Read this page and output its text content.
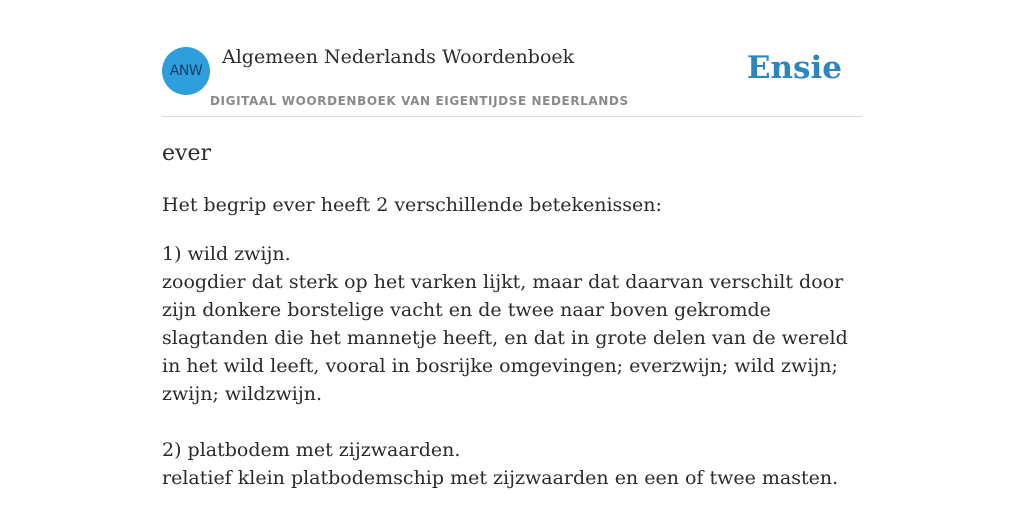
ANW
Algemeen Nederlands Woordenboek
DIGITAAL WOORDENBOEK VAN EIGENTIJDSE NEDERLANDS
Ensie
ever
Het begrip ever heeft 2 verschillende betekenissen:
1) wild zwijn.
zoogdier dat sterk op het varken lijkt, maar dat daarvan verschilt door zijn donkere borstelige vacht en de twee naar boven gekromde slagtanden die het mannetje heeft, en dat in grote delen van de wereld in het wild leeft, vooral in bosrijke omgevingen; everzwijn; wild zwijn; zwijn; wildzwijn.
2) platbodem met zijzwaarden.
relatief klein platbodemschip met zijzwaarden en een of twee masten.
